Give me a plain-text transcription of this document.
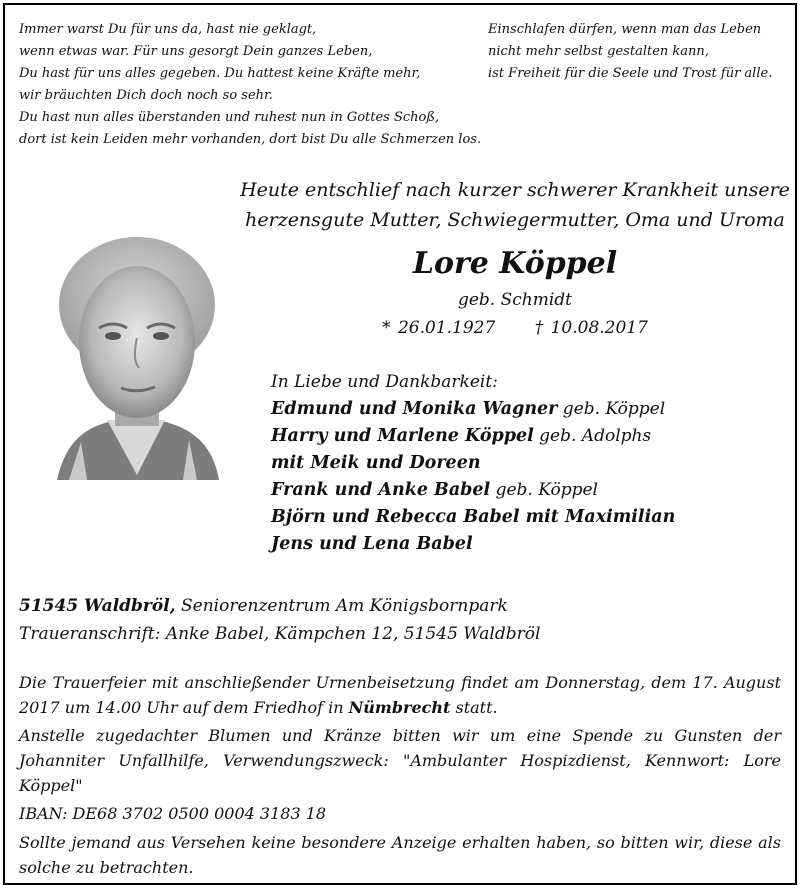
Immer warst Du für uns da, hast nie geklagt,
wenn etwas war. Für uns gesorgt Dein ganzes Leben,
Du hast für uns alles gegeben. Du hattest keine Kräfte mehr,
wir bräuchten Dich doch noch so sehr.
Du hast nun alles überstanden und ruhest nun in Gottes Schoß,
dort ist kein Leiden mehr vorhanden, dort bist Du alle Schmerzen los.
Einschlafen dürfen, wenn man das Leben
nicht mehr selbst gestalten kann,
ist Freiheit für die Seele und Trost für alle.
Heute entschlief nach kurzer schwerer Krankheit unsere
herzensgute Mutter, Schwiegermutter, Oma und Uroma
Lore Köppel
geb. Schmidt
* 26.01.1927 † 10.08.2017
In Liebe und Dankbarkeit:
Edmund und Monika Wagner geb. Köppel
Harry und Marlene Köppel geb. Adolphs
mit Meik und Doreen
Frank und Anke Babel geb. Köppel
Björn und Rebecca Babel mit Maximilian
Jens und Lena Babel
51545 Waldbröl, Seniorenzentrum Am Königsbornpark
Traueranschrift: Anke Babel, Kämpchen 12, 51545 Waldbröl

Die Trauerfeier mit anschließender Urnenbeisetzung findet am Donnerstag, dem 17. August 2017 um 14.00 Uhr auf dem Friedhof in Nümbrecht statt.

Anstelle zugedachter Blumen und Kränze bitten wir um eine Spende zu Gunsten der Johanniter Unfallhilfe, Verwendungszweck: "Ambulanter Hospizdienst, Kennwort: Lore Köppel"

IBAN: DE68 3702 0500 0004 3183 18

Sollte jemand aus Versehen keine besondere Anzeige erhalten haben, so bitten wir, diese als solche zu betrachten.
